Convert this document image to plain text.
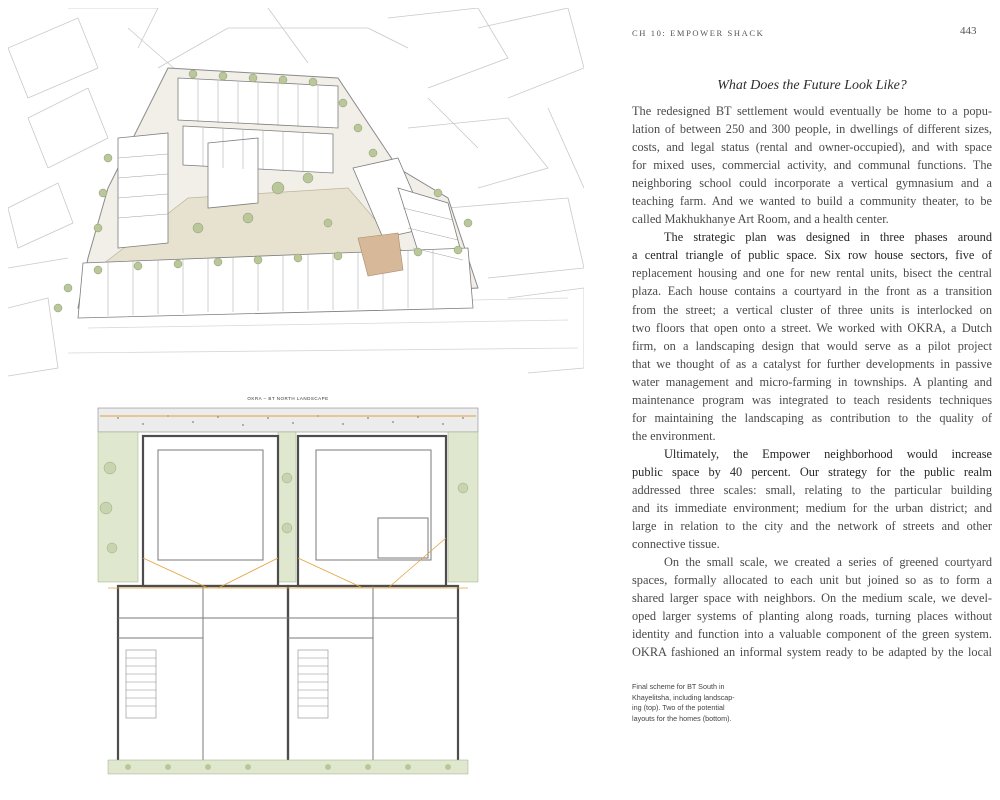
OKRA – BT NORTH LANDSCAPE
CH 10: EMPOWER SHACK	443
What Does the Future Look Like?
The redesigned BT settlement would eventually be home to a popu-
lation of between 250 and 300 people, in dwellings of different sizes,
costs, and legal status (rental and owner-occupied), and with space
for mixed uses, commercial activity, and communal functions. The
neighboring school could incorporate a vertical gymnasium and a
teaching farm. And we wanted to build a community theater, to be
called Makhukhanye Art Room, and a health center.
The strategic plan was designed in three phases around
a central triangle of public space. Six row house sectors, five of
replacement housing and one for new rental units, bisect the central
plaza. Each house contains a courtyard in the front as a transition
from the street; a vertical cluster of three units is interlocked on
two floors that open onto a street. We worked with OKRA, a Dutch
firm, on a landscaping design that would serve as a pilot project
that we thought of as a catalyst for further developments in passive
water management and micro-farming in townships. A planting and
maintenance program was integrated to teach residents techniques
for maintaining the landscaping as contribution to the quality of
the environment.
Ultimately, the Empower neighborhood would increase
public space by 40 percent. Our strategy for the public realm
addressed three scales: small, relating to the particular building
and its immediate environment; medium for the urban district; and
large in relation to the city and the network of streets and other
connective tissue.
On the small scale, we created a series of greened courtyard
spaces, formally allocated to each unit but joined so as to form a
shared larger space with neighbors. On the medium scale, we devel-
oped larger systems of planting along roads, turning places without
identity and function into a valuable component of the green system.
OKRA fashioned an informal system ready to be adapted by the local
Final scheme for BT South in
Khayelitsha, including landscap-
ing (top). Two of the potential
layouts for the homes (bottom).
